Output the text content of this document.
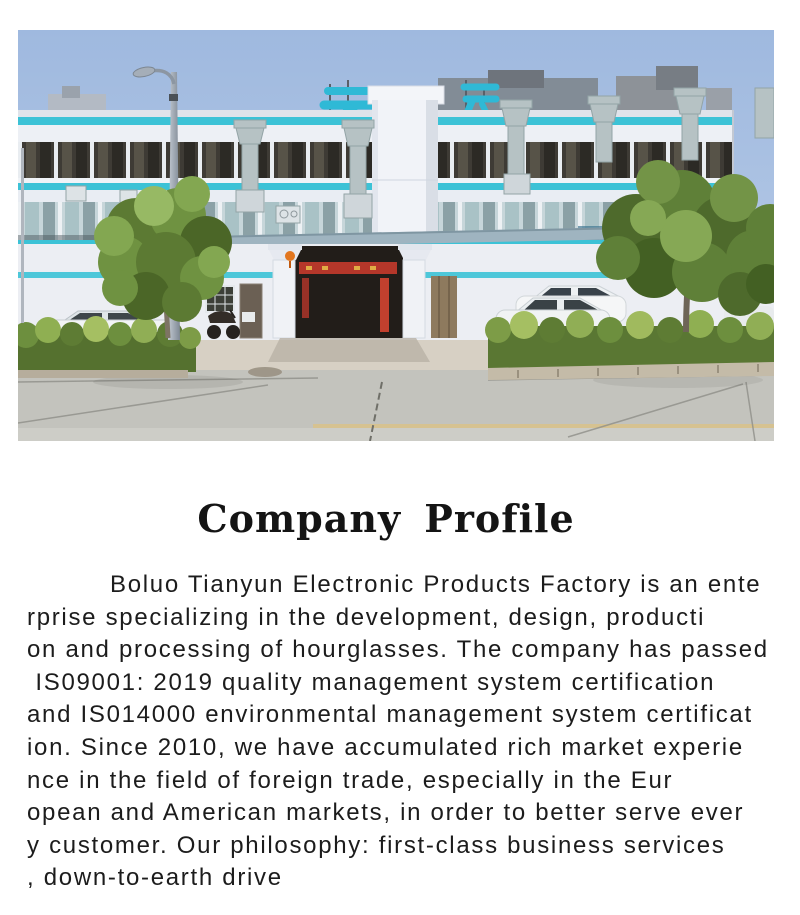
Company Profile

Boluo Tianyun Electronic Products Factory is an ente
rprise specializing in the development, design, producti
on and processing of hourglasses. The company has passed
IS09001: 2019 quality management system certification
and IS014000 environmental management system certificat
ion. Since 2010, we have accumulated rich market experie
nce in the field of foreign trade, especially in the Eur
opean and American markets, in order to better serve ever
y customer. Our philosophy: first-class business services
, down-to-earth drive
